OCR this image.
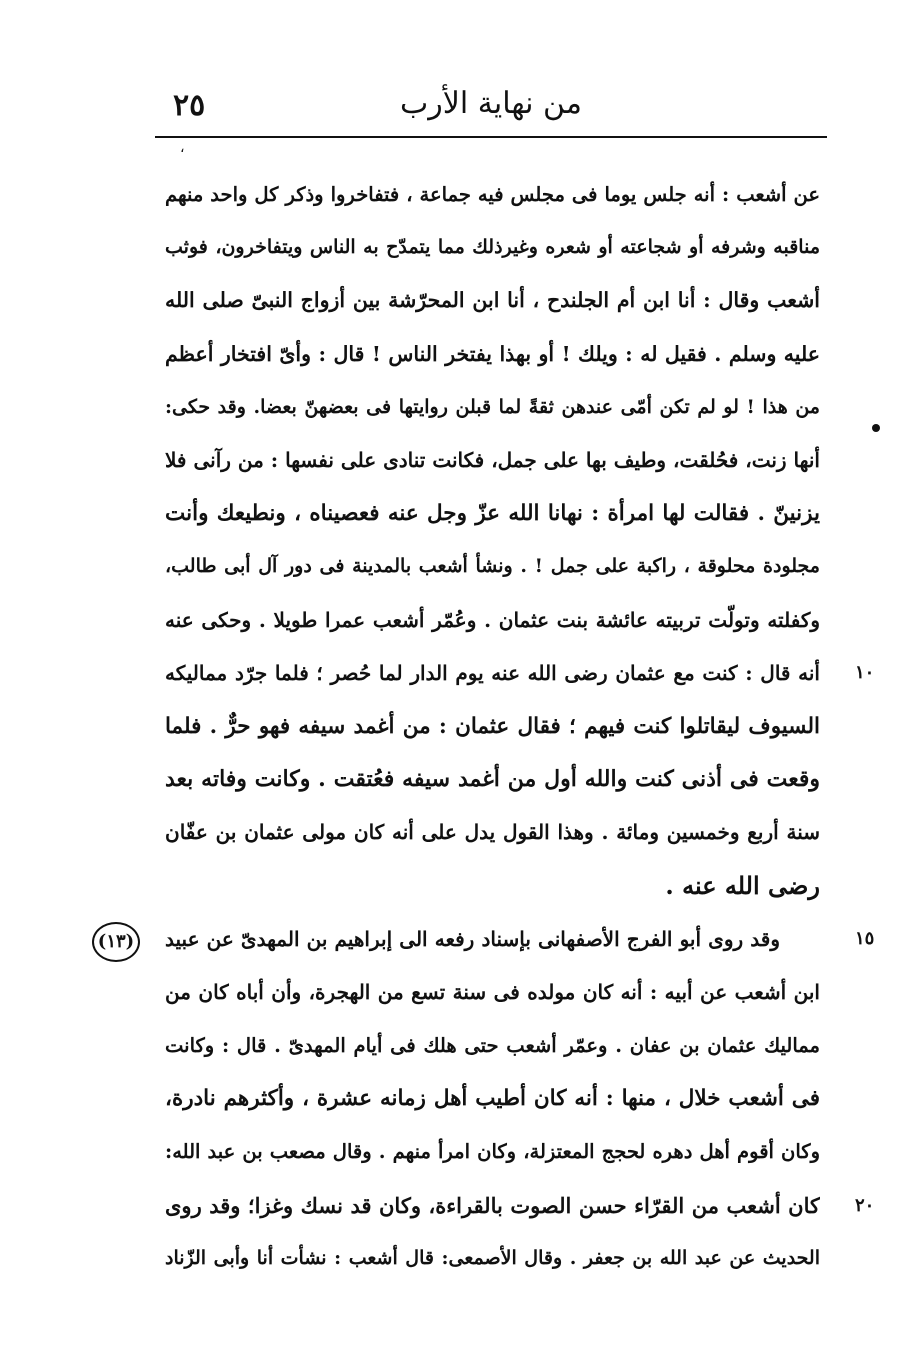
٢٥	من نهاية الأرب
،
١٠
١٥
٢٠
(١٣)
عن أشعب : أنه جلس يوما فى مجلس فيه جماعة ، فتفاخروا وذكر كل واحد منهم
مناقبه وشرفه أو شجاعته أو شعره وغيرذلك مما يتمدّح به الناس ويتفاخرون، فوثب
أشعب وقال : أنا ابن أم الجلندح ، أنا ابن المحرّشة بين أزواج النبىّ صلى الله
عليه وسلم . فقيل له : ويلك ! أو بهذا يفتخر الناس ! قال : وأىّ افتخار أعظم
من هذا ! لو لم تكن أمّى عندهن ثقةً لما قبلن روايتها فى بعضهنّ بعضا. وقد حكى:
أنها زنت، فحُلقت، وطيف بها على جمل، فكانت تنادى على نفسها : من رآنى فلا
يزنينّ . فقالت لها امرأة : نهانا الله عزّ وجل عنه فعصيناه ، ونطيعك وأنت
مجلودة محلوقة ، راكبة على جمل ! . ونشأ أشعب بالمدينة فى دور آل أبى طالب،
وكفلته وتولّت تربيته عائشة بنت عثمان . وعُمّر أشعب عمرا طويلا . وحكى عنه
أنه قال : كنت مع عثمان رضى الله عنه يوم الدار لما حُصر ؛ فلما جرّد مماليكه
السيوف ليقاتلوا كنت فيهم ؛ فقال عثمان : من أغمد سيفه فهو حرٌّ . فلما
وقعت فى أذنى كنت والله أول من أغمد سيفه فعُتقت . وكانت وفاته بعد
سنة أربع وخمسين ومائة . وهذا القول يدل على أنه كان مولى عثمان بن عفّان
رضى الله عنه .
وقد روى أبو الفرج الأصفهانى بإسناد رفعه الى إبراهيم بن المهدىّ عن عبيد
ابن أشعب عن أبيه : أنه كان مولده فى سنة تسع من الهجرة، وأن أباه كان من
مماليك عثمان بن عفان . وعمّر أشعب حتى هلك فى أيام المهدىّ . قال : وكانت
فى أشعب خلال ، منها : أنه كان أطيب أهل زمانه عشرة ، وأكثرهم نادرة،
وكان أقوم أهل دهره لحجج المعتزلة، وكان امرأ منهم . وقال مصعب بن عبد الله:
كان أشعب من القرّاء حسن الصوت بالقراءة، وكان قد نسك وغزا؛ وقد روى
الحديث عن عبد الله بن جعفر . وقال الأصمعى: قال أشعب : نشأت أنا وأبى الزّناد
